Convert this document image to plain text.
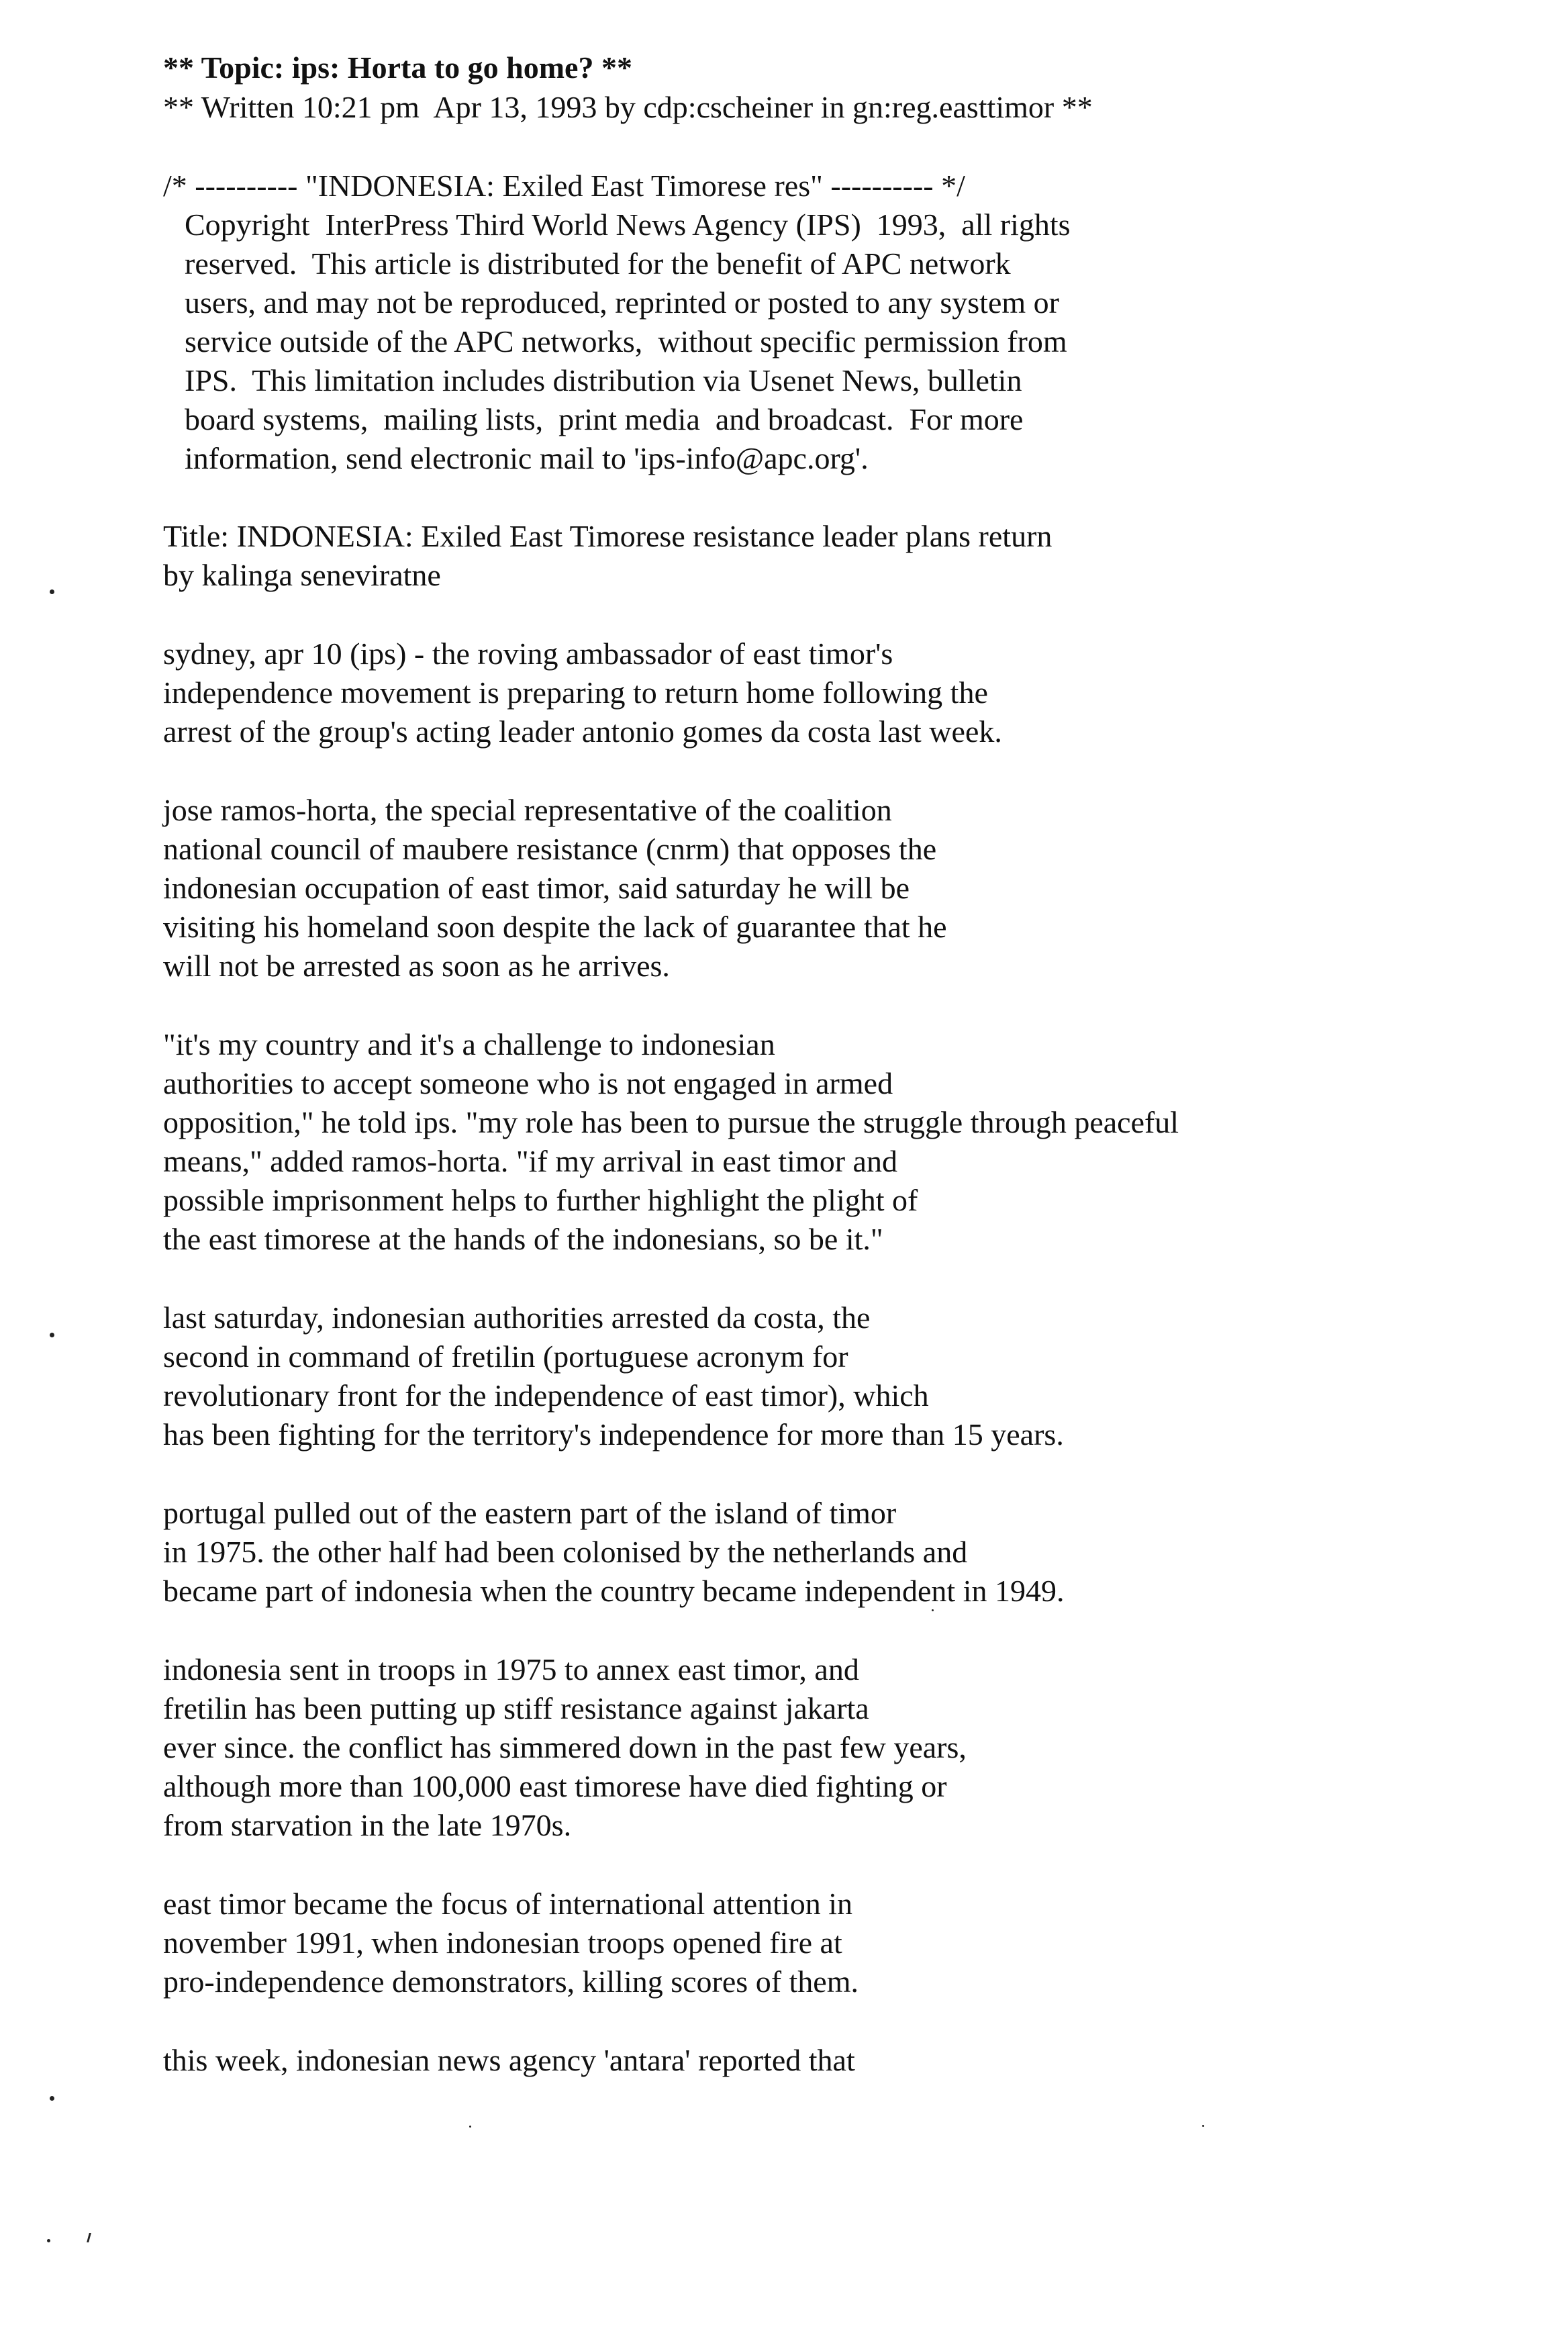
** Topic: ips: Horta to go home? **
** Written 10:21 pm  Apr 13, 1993 by cdp:cscheiner in gn:reg.easttimor **
/* ---------- "INDONESIA: Exiled East Timorese res" ---------- */
Copyright  InterPress Third World News Agency (IPS)  1993,  all rights
reserved.  This article is distributed for the benefit of APC network
users, and may not be reproduced, reprinted or posted to any system or
service outside of the APC networks,  without specific permission from
IPS.  This limitation includes distribution via Usenet News, bulletin
board systems,  mailing lists,  print media  and broadcast.  For more
information, send electronic mail to 'ips-info@apc.org'.
Title: INDONESIA: Exiled East Timorese resistance leader plans return
by kalinga seneviratne
sydney, apr 10 (ips) - the roving ambassador of east timor's
independence movement is preparing to return home following the
arrest of the group's acting leader antonio gomes da costa last week.
jose ramos-horta, the special representative of the coalition
national council of maubere resistance (cnrm) that opposes the
indonesian occupation of east timor, said saturday he will be
visiting his homeland soon despite the lack of guarantee that he
will not be arrested as soon as he arrives.
"it's my country and it's a challenge to indonesian
authorities to accept someone who is not engaged in armed
opposition," he told ips. "my role has been to pursue the struggle through peaceful
means," added ramos-horta. "if my arrival in east timor and
possible imprisonment helps to further highlight the plight of
the east timorese at the hands of the indonesians, so be it."
last saturday, indonesian authorities arrested da costa, the
second in command of fretilin (portuguese acronym for
revolutionary front for the independence of east timor), which
has been fighting for the territory's independence for more than 15 years.
portugal pulled out of the eastern part of the island of timor
in 1975. the other half had been colonised by the netherlands and
became part of indonesia when the country became independent in 1949.
indonesia sent in troops in 1975 to annex east timor, and
fretilin has been putting up stiff resistance against jakarta
ever since. the conflict has simmered down in the past few years,
although more than 100,000 east timorese have died fighting or
from starvation in the late 1970s.
east timor became the focus of international attention in
november 1991, when indonesian troops opened fire at
pro-independence demonstrators, killing scores of them.
this week, indonesian news agency 'antara' reported that
